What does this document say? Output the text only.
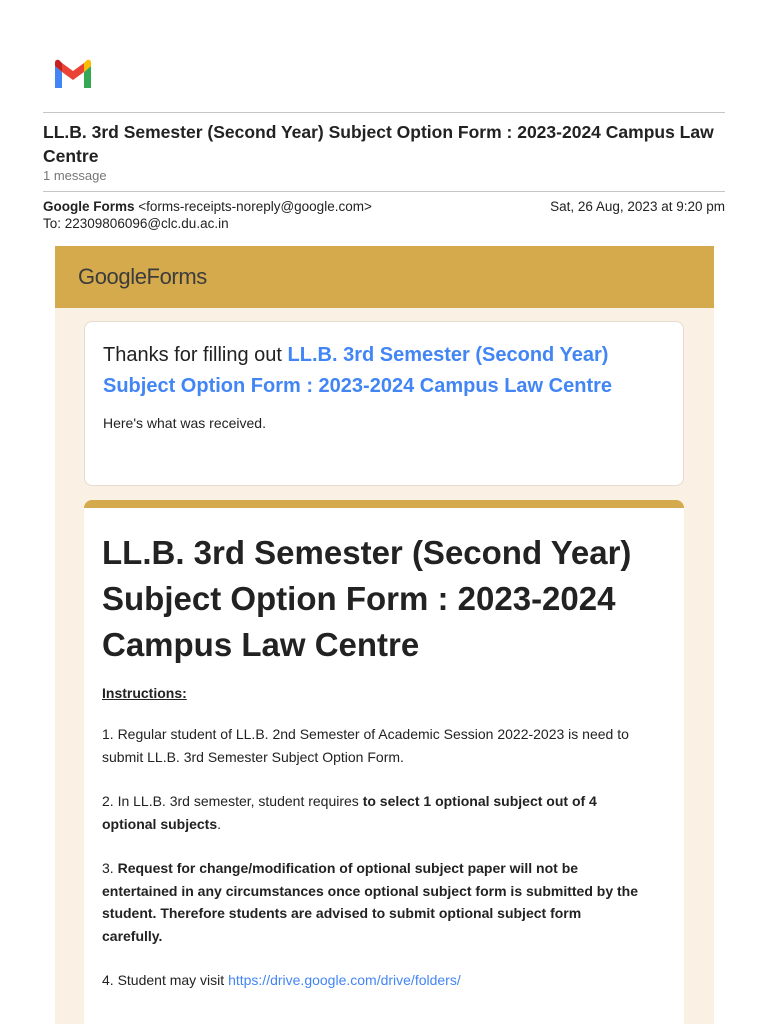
LL.B. 3rd Semester (Second Year) Subject Option Form : 2023-2024 Campus Law Centre
1 message
Google Forms <forms-receipts-noreply@google.com>	Sat, 26 Aug, 2023 at 9:20 pm
To: 22309806096@clc.du.ac.in
GoogleForms
Thanks for filling out LL.B. 3rd Semester (Second Year) Subject Option Form : 2023-2024 Campus Law Centre
Here's what was received.
LL.B. 3rd Semester (Second Year) Subject Option Form : 2023-2024 Campus Law Centre
Instructions:
1. Regular student of LL.B. 2nd Semester of Academic Session 2022-2023 is need to submit LL.B. 3rd Semester Subject Option Form.
2. In LL.B. 3rd semester, student requires to select 1 optional subject out of 4 optional subjects.
3. Request for change/modification of optional subject paper will not be entertained in any circumstances once optional subject form is submitted by the student. Therefore students are advised to submit optional subject form carefully.
4. Student may visit https://drive.google.com/drive/folders/
